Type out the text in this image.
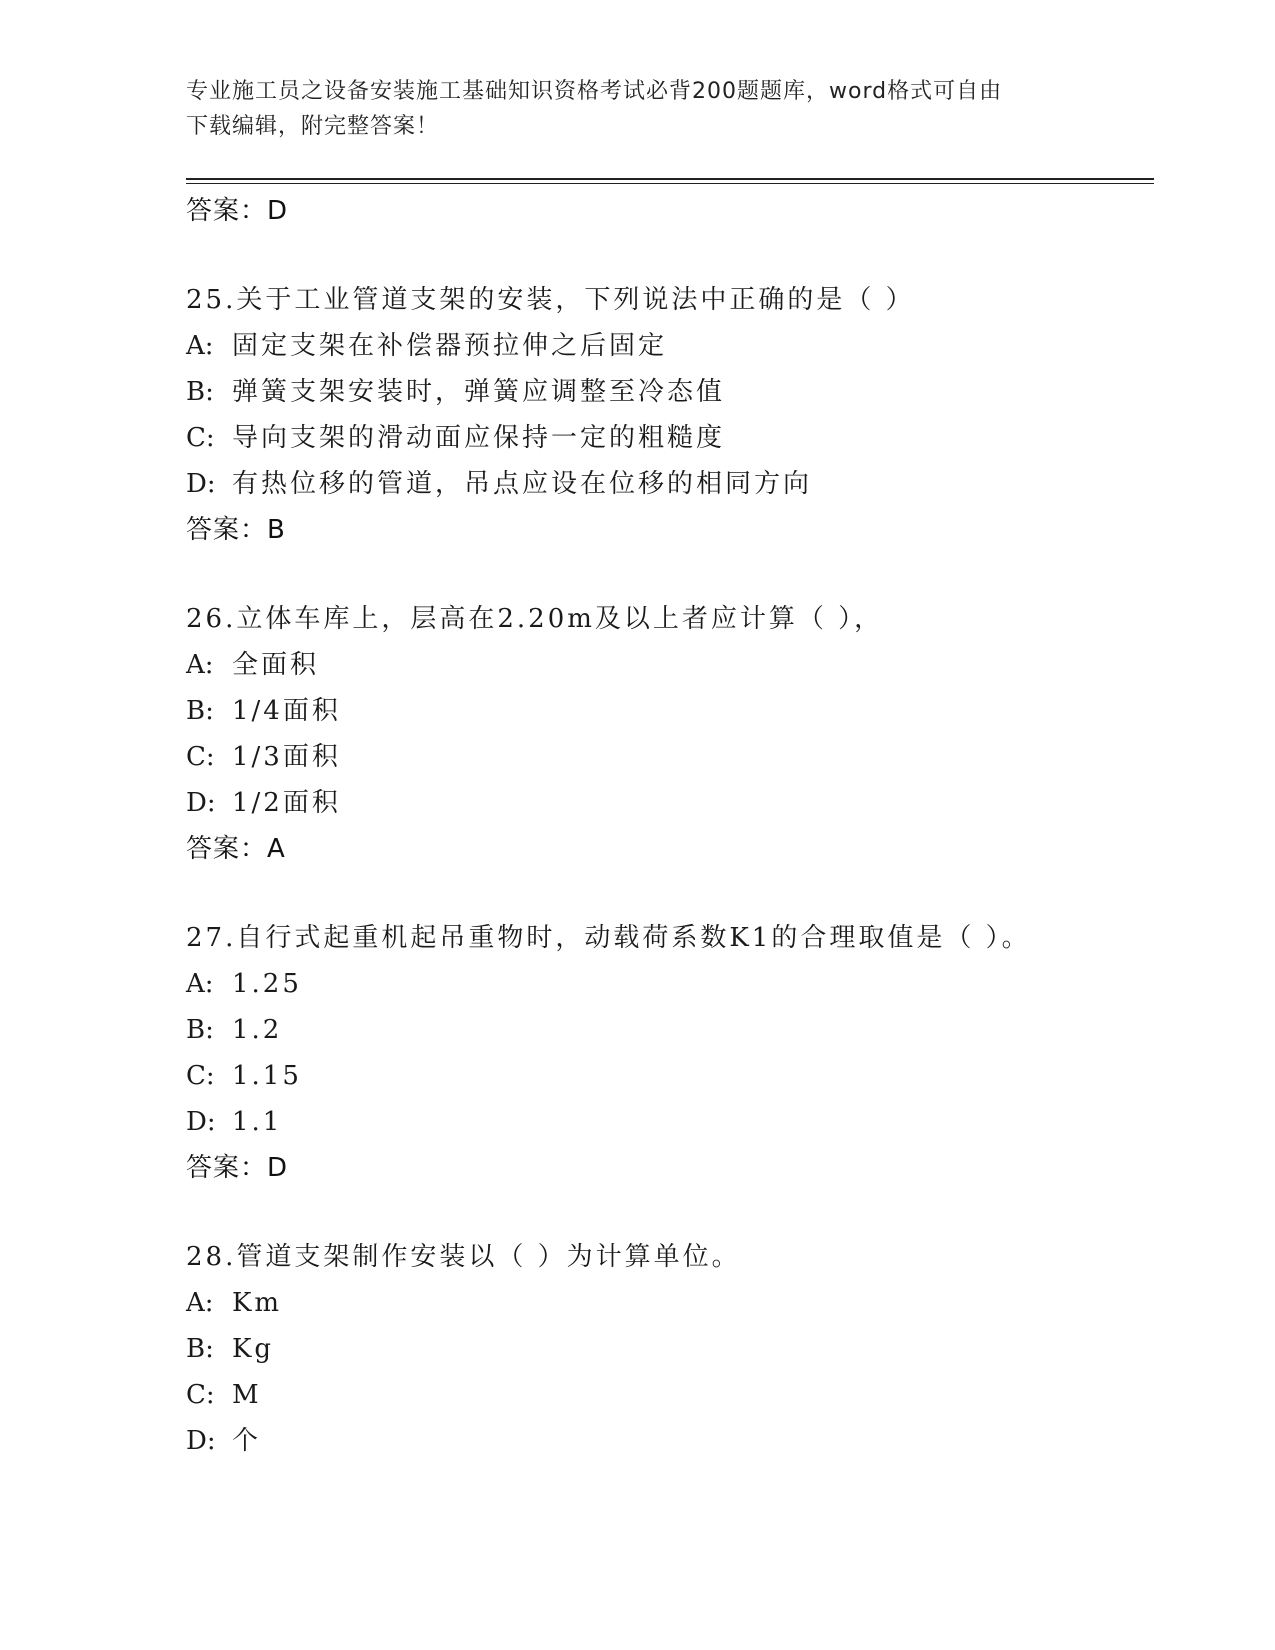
专业施工员之设备安装施工基础知识资格考试必背200题题库，word格式可自由
下载编辑，附完整答案！
答案：D
25.关于工业管道支架的安装，下列说法中正确的是（ ）
A: 固定支架在补偿器预拉伸之后固定
B: 弹簧支架安装时，弹簧应调整至冷态值
C: 导向支架的滑动面应保持一定的粗糙度
D: 有热位移的管道，吊点应设在位移的相同方向
答案：B
26.立体车库上，层高在2.20m及以上者应计算（ ），
A: 全面积
B: 1/4面积
C: 1/3面积
D: 1/2面积
答案：A
27.自行式起重机起吊重物时，动载荷系数K1的合理取值是（ ）。
A: 1.25
B: 1.2
C: 1.15
D: 1.1
答案：D
28.管道支架制作安装以（ ）为计算单位。
A: Km
B: Kg
C: M
D: 个
